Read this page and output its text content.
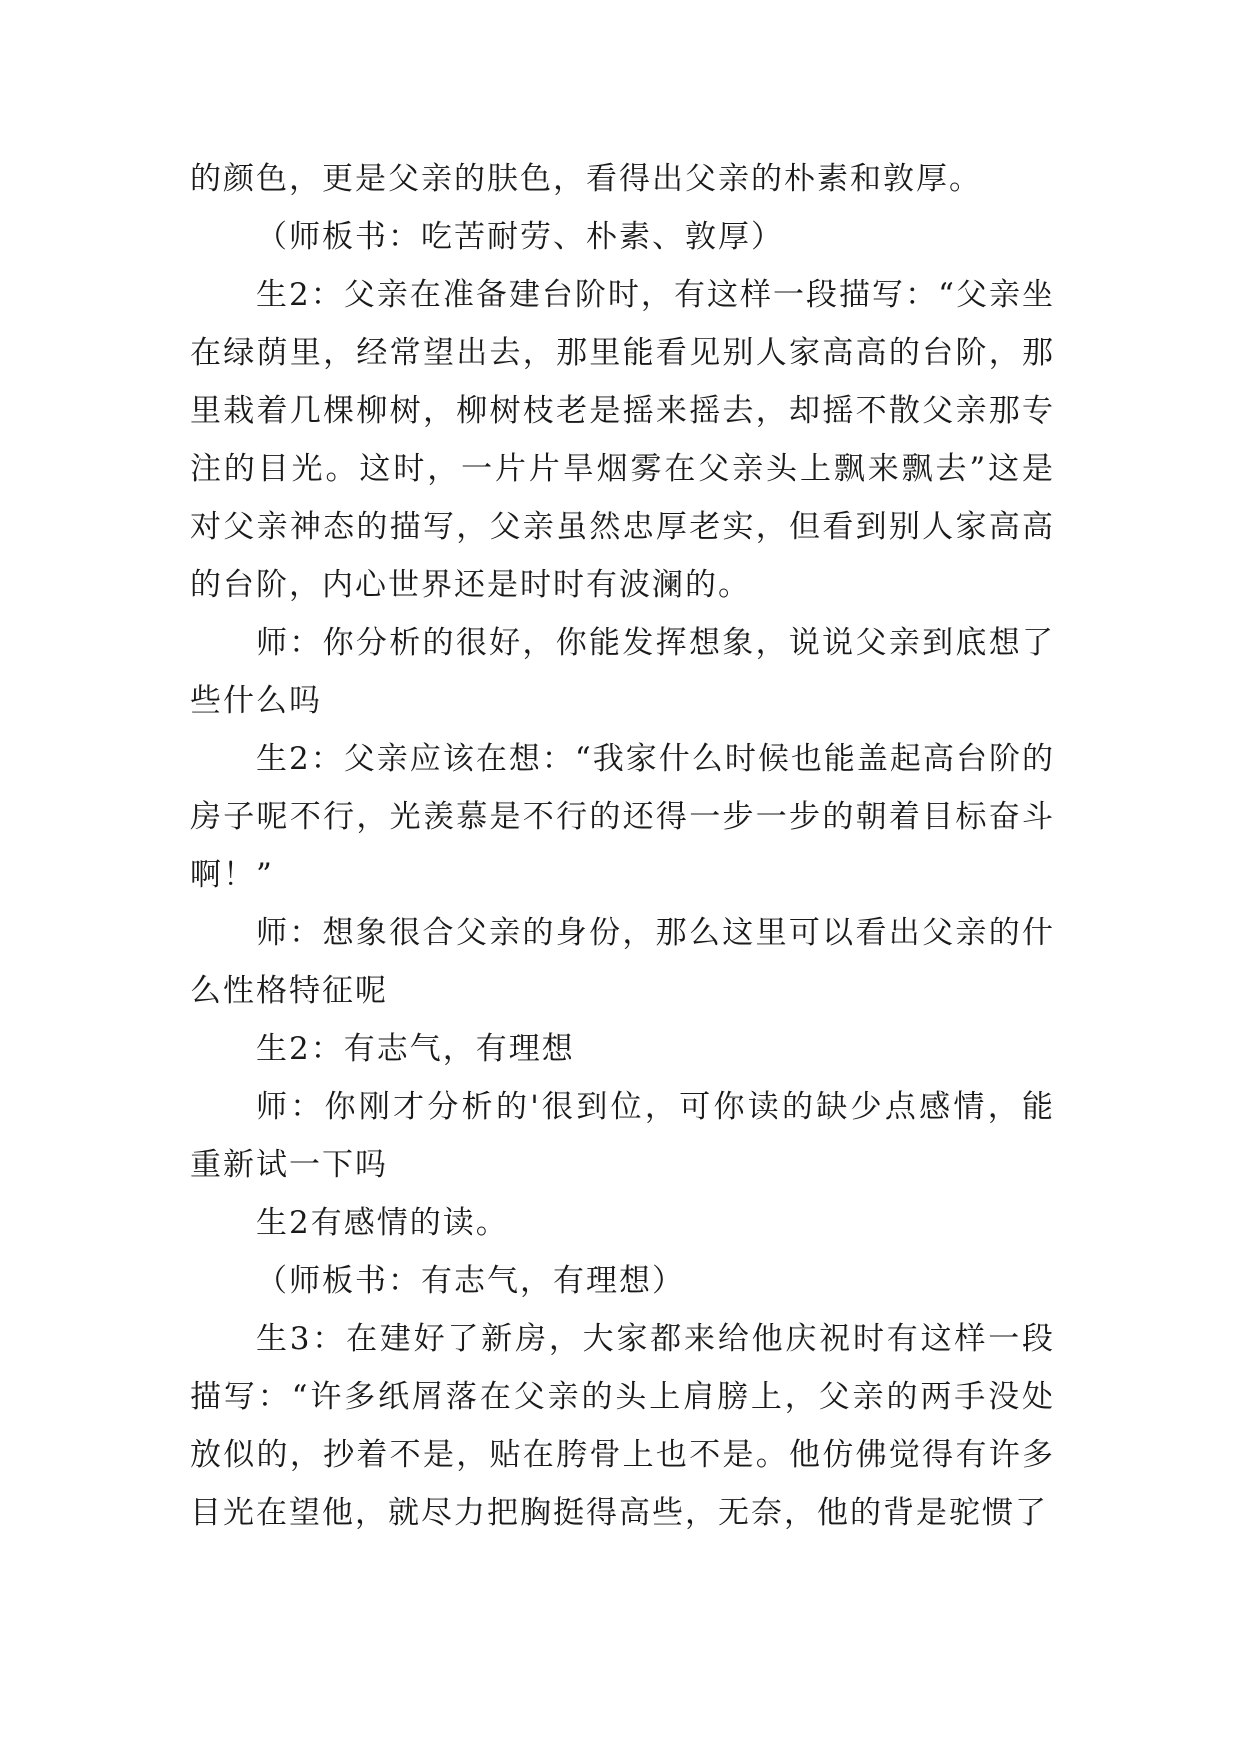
的颜色，更是父亲的肤色，看得出父亲的朴素和敦厚。

（师板书：吃苦耐劳、朴素、敦厚）

生2：父亲在准备建台阶时，有这样一段描写：“父亲坐在绿荫里，经常望出去，那里能看见别人家高高的台阶，那里栽着几棵柳树，柳树枝老是摇来摇去，却摇不散父亲那专注的目光。这时，一片片旱烟雾在父亲头上飘来飘去”这是对父亲神态的描写，父亲虽然忠厚老实，但看到别人家高高的台阶，内心世界还是时时有波澜的。

师：你分析的很好，你能发挥想象，说说父亲到底想了些什么吗

生2：父亲应该在想：“我家什么时候也能盖起高台阶的房子呢不行，光羡慕是不行的还得一步一步的朝着目标奋斗啊！”

师：想象很合父亲的身份，那么这里可以看出父亲的什么性格特征呢

生2：有志气，有理想

师：你刚才分析的'很到位，可你读的缺少点感情，能重新试一下吗

生2有感情的读。

（师板书：有志气，有理想）

生3：在建好了新房，大家都来给他庆祝时有这样一段描写：“许多纸屑落在父亲的头上肩膀上，父亲的两手没处放似的，抄着不是，贴在胯骨上也不是。他仿佛觉得有许多目光在望他，就尽力把胸挺得高些，无奈，他的背是驼惯了
